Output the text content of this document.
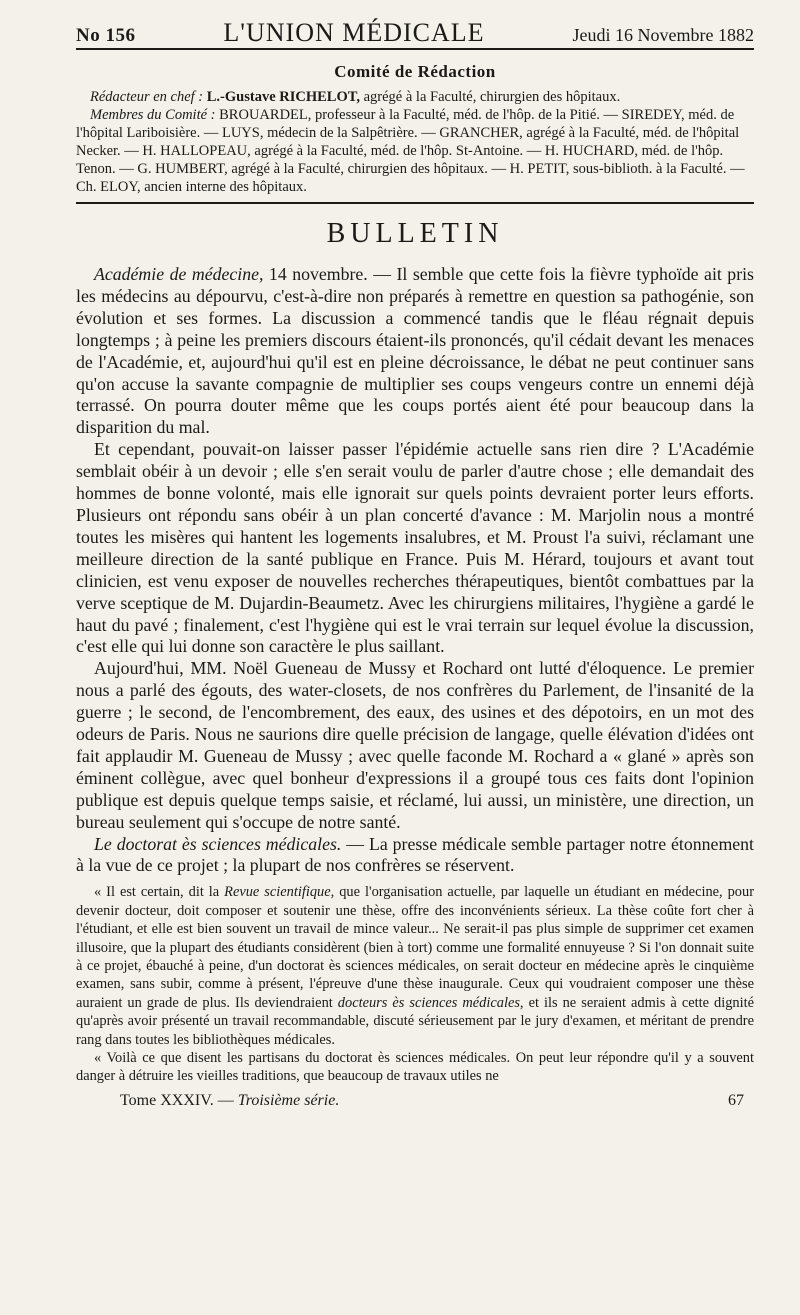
No 156	L'UNION MÉDICALE	Jeudi 16 Novembre 1882
Comité de Rédaction

Rédacteur en chef : L.-Gustave RICHELOT, agrégé à la Faculté, chirurgien des hôpitaux.

Membres du Comité : BROUARDEL, professeur à la Faculté, méd. de l'hôp. de la Pitié. — SIREDEY, méd. de l'hôpital Lariboisière. — LUYS, médecin de la Salpêtrière. — GRANCHER, agrégé à la Faculté, méd. de l'hôpital Necker. — H. HALLOPEAU, agrégé à la Faculté, méd. de l'hôp. St-Antoine. — H. HUCHARD, méd. de l'hôp. Tenon. — G. HUMBERT, agrégé à la Faculté, chirurgien des hôpitaux. — H. PETIT, sous-biblioth. à la Faculté. — Ch. ELOY, ancien interne des hôpitaux.

BULLETIN

Académie de médecine, 14 novembre. — Il semble que cette fois la fièvre typhoïde ait pris les médecins au dépourvu, c'est-à-dire non préparés à remettre en question sa pathogénie, son évolution et ses formes. La discussion a commencé tandis que le fléau régnait depuis longtemps ; à peine les premiers discours étaient-ils prononcés, qu'il cédait devant les menaces de l'Académie, et, aujourd'hui qu'il est en pleine décroissance, le débat ne peut continuer sans qu'on accuse la savante compagnie de multiplier ses coups vengeurs contre un ennemi déjà terrassé. On pourra douter même que les coups portés aient été pour beaucoup dans la disparition du mal.

Et cependant, pouvait-on laisser passer l'épidémie actuelle sans rien dire ? L'Académie semblait obéir à un devoir ; elle s'en serait voulu de parler d'autre chose ; elle demandait des hommes de bonne volonté, mais elle ignorait sur quels points devraient porter leurs efforts. Plusieurs ont répondu sans obéir à un plan concerté d'avance : M. Marjolin nous a montré toutes les misères qui hantent les logements insalubres, et M. Proust l'a suivi, réclamant une meilleure direction de la santé publique en France. Puis M. Hérard, toujours et avant tout clinicien, est venu exposer de nouvelles recherches thérapeutiques, bientôt combattues par la verve sceptique de M. Dujardin-Beaumetz. Avec les chirurgiens militaires, l'hygiène a gardé le haut du pavé ; finalement, c'est l'hygiène qui est le vrai terrain sur lequel évolue la discussion, c'est elle qui lui donne son caractère le plus saillant.

Aujourd'hui, MM. Noël Gueneau de Mussy et Rochard ont lutté d'éloquence. Le premier nous a parlé des égouts, des water-closets, de nos confrères du Parlement, de l'insanité de la guerre ; le second, de l'encombrement, des eaux, des usines et des dépotoirs, en un mot des odeurs de Paris. Nous ne saurions dire quelle précision de langage, quelle élévation d'idées ont fait applaudir M. Gueneau de Mussy ; avec quelle faconde M. Rochard a « glané » après son éminent collègue, avec quel bonheur d'expressions il a groupé tous ces faits dont l'opinion publique est depuis quelque temps saisie, et réclamé, lui aussi, un ministère, une direction, un bureau seulement qui s'occupe de notre santé.

Le doctorat ès sciences médicales. — La presse médicale semble partager notre étonnement à la vue de ce projet ; la plupart de nos confrères se réservent.

« Il est certain, dit la Revue scientifique, que l'organisation actuelle, par laquelle un étudiant en médecine, pour devenir docteur, doit composer et soutenir une thèse, offre des inconvénients sérieux. La thèse coûte fort cher à l'étudiant, et elle est bien souvent un travail de mince valeur... Ne serait-il pas plus simple de supprimer cet examen illusoire, que la plupart des étudiants considèrent (bien à tort) comme une formalité ennuyeuse ? Si l'on donnait suite à ce projet, ébauché à peine, d'un doctorat ès sciences médicales, on serait docteur en médecine après le cinquième examen, sans subir, comme à présent, l'épreuve d'une thèse inaugurale. Ceux qui voudraient composer une thèse auraient un grade de plus. Ils deviendraient docteurs ès sciences médicales, et ils ne seraient admis à cette dignité qu'après avoir présenté un travail recommandable, discuté sérieusement par le jury d'examen, et méritant de prendre rang dans toutes les bibliothèques médicales.

« Voilà ce que disent les partisans du doctorat ès sciences médicales. On peut leur répondre qu'il y a souvent danger à détruire les vieilles traditions, que beaucoup de travaux utiles ne

Tome XXXIV. — Troisième série.	67
